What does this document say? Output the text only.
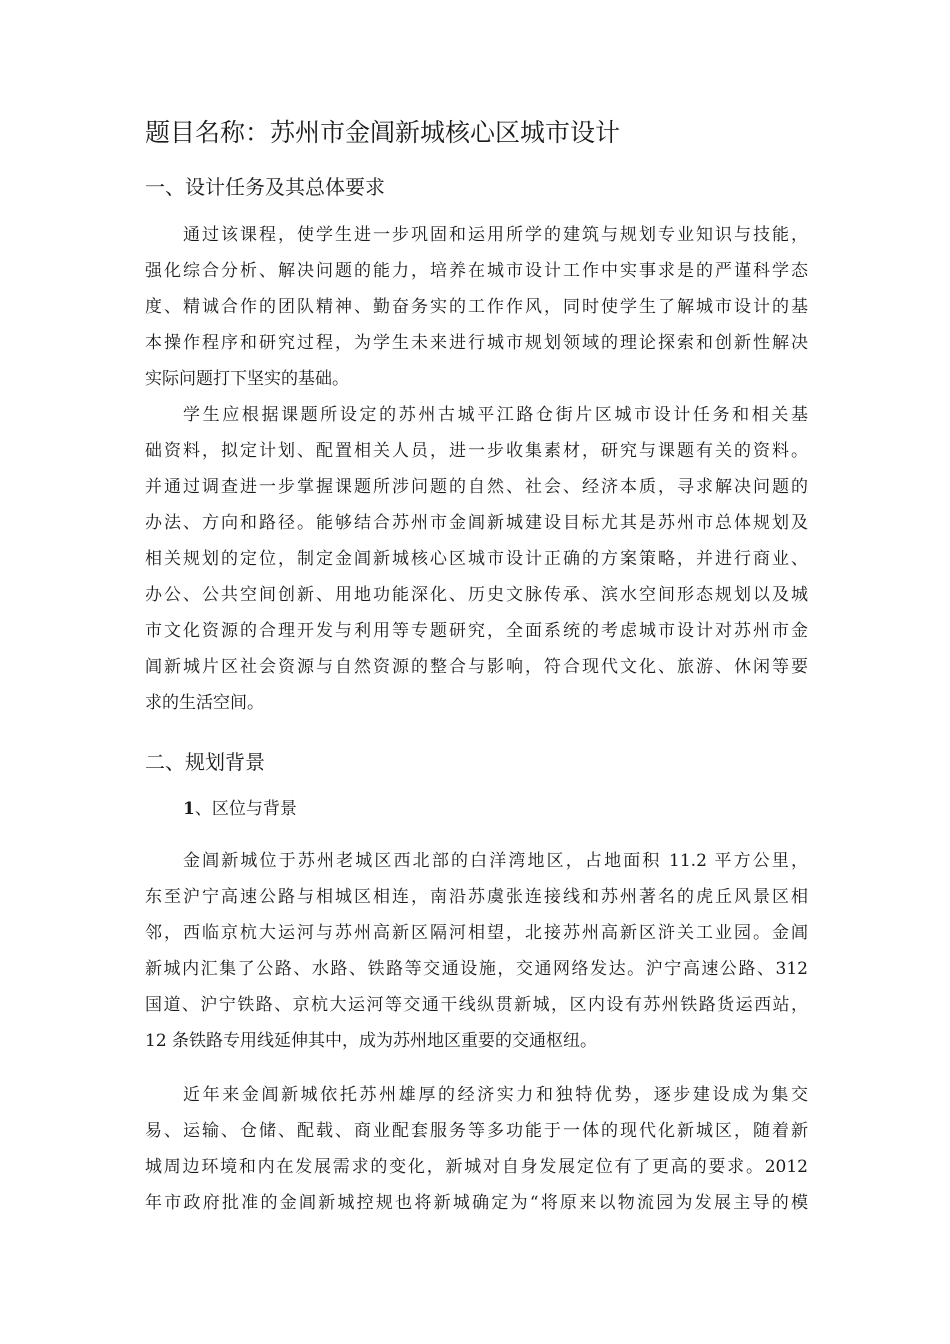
题目名称：苏州市金阊新城核心区城市设计
一、设计任务及其总体要求
通过该课程，使学生进一步巩固和运用所学的建筑与规划专业知识与技能，
强化综合分析、解决问题的能力，培养在城市设计工作中实事求是的严谨科学态
度、精诚合作的团队精神、勤奋务实的工作作风，同时使学生了解城市设计的基
本操作程序和研究过程，为学生未来进行城市规划领域的理论探索和创新性解决
实际问题打下坚实的基础。
学生应根据课题所设定的苏州古城平江路仓街片区城市设计任务和相关基
础资料，拟定计划、配置相关人员，进一步收集素材，研究与课题有关的资料。
并通过调查进一步掌握课题所涉问题的自然、社会、经济本质，寻求解决问题的
办法、方向和路径。能够结合苏州市金阊新城建设目标尤其是苏州市总体规划及
相关规划的定位，制定金阊新城核心区城市设计正确的方案策略，并进行商业、
办公、公共空间创新、用地功能深化、历史文脉传承、滨水空间形态规划以及城
市文化资源的合理开发与利用等专题研究，全面系统的考虑城市设计对苏州市金
阊新城片区社会资源与自然资源的整合与影响，符合现代文化、旅游、休闲等要
求的生活空间。
二、规划背景
1、区位与背景
金阊新城位于苏州老城区西北部的白洋湾地区，占地面积 11.2 平方公里，
东至沪宁高速公路与相城区相连，南沿苏虞张连接线和苏州著名的虎丘风景区相
邻，西临京杭大运河与苏州高新区隔河相望，北接苏州高新区浒关工业园。金阊
新城内汇集了公路、水路、铁路等交通设施，交通网络发达。沪宁高速公路、312
国道、沪宁铁路、京杭大运河等交通干线纵贯新城，区内设有苏州铁路货运西站，
12 条铁路专用线延伸其中，成为苏州地区重要的交通枢纽。
近年来金阊新城依托苏州雄厚的经济实力和独特优势，逐步建设成为集交
易、运输、仓储、配载、商业配套服务等多功能于一体的现代化新城区，随着新
城周边环境和内在发展需求的变化，新城对自身发展定位有了更高的要求。2012
年市政府批准的金阊新城控规也将新城确定为“将原来以物流园为发展主导的模
